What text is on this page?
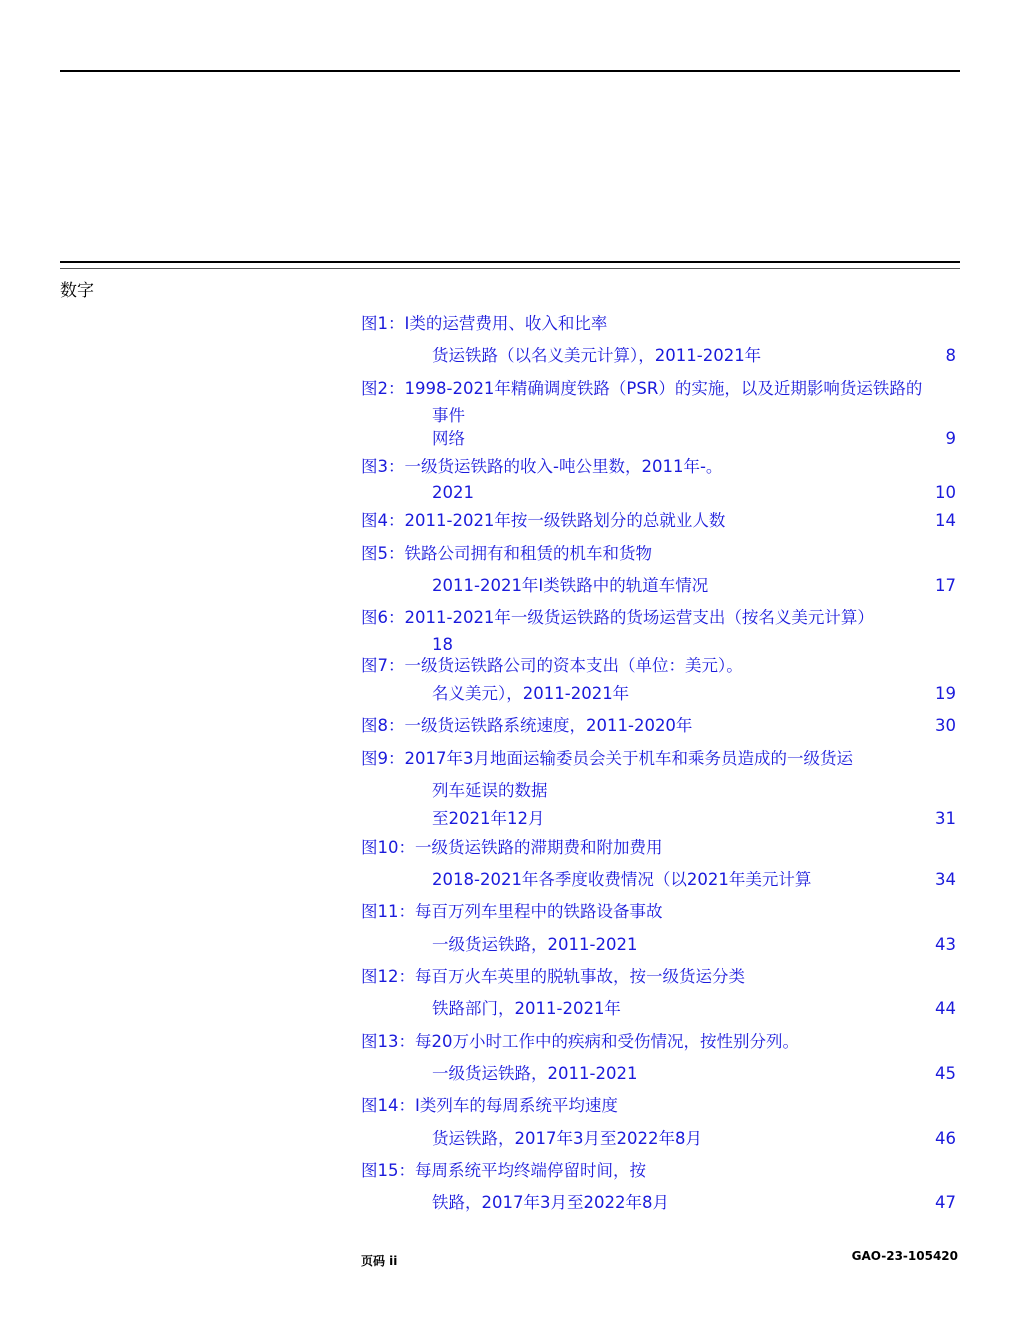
数字
图1：I类的运营费用、收入和比率
货运铁路（以名义美元计算），2011-2021年	8
图2：1998-2021年精确调度铁路（PSR）的实施，以及近期影响货运铁路的
事件
网络	9
图3：一级货运铁路的收入-吨公里数，2011年-。
2021	10
图4：2011-2021年按一级铁路划分的总就业人数	14
图5：铁路公司拥有和租赁的机车和货物
2011-2021年I类铁路中的轨道车情况	17
图6：2011-2021年一级货运铁路的货场运营支出（按名义美元计算）
18
图7：一级货运铁路公司的资本支出（单位：美元）。
名义美元），2011-2021年	19
图8：一级货运铁路系统速度，2011-2020年	30
图9：2017年3月地面运输委员会关于机车和乘务员造成的一级货运
列车延误的数据
至2021年12月	31
图10：一级货运铁路的滞期费和附加费用
2018-2021年各季度收费情况（以2021年美元计算	34
图11：每百万列车里程中的铁路设备事故
一级货运铁路，2011-2021	43
图12：每百万火车英里的脱轨事故，按一级货运分类
铁路部门，2011-2021年	44
图13：每20万小时工作中的疾病和受伤情况，按性别分列。
一级货运铁路，2011-2021	45
图14：I类列车的每周系统平均速度
货运铁路，2017年3月至2022年8月	46
图15：每周系统平均终端停留时间，按
铁路，2017年3月至2022年8月	47
页码 ii	GAO-23-105420
